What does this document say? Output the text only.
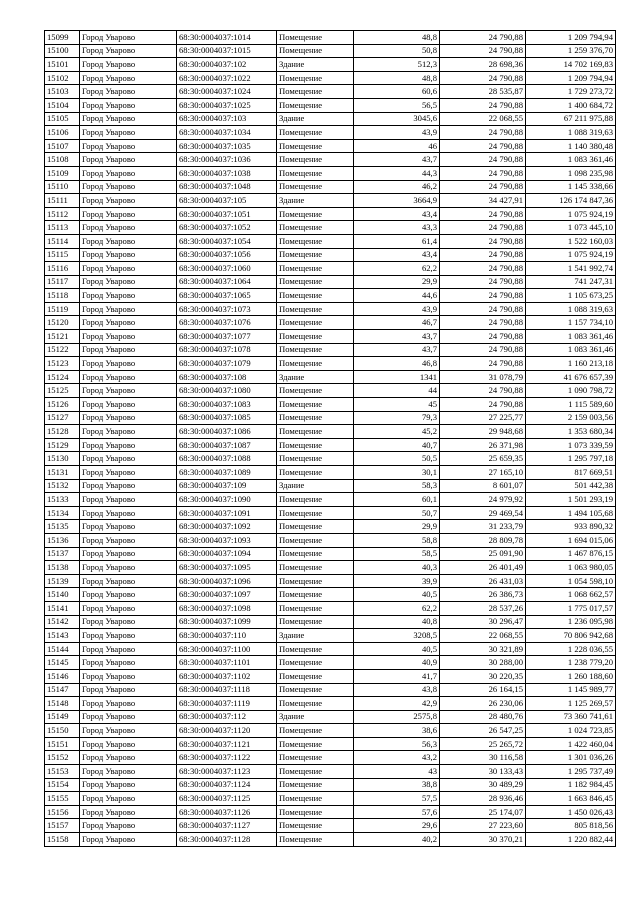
15099	Город Уварово	68:30:0004037:1014	Помещение	48,8	24 790,88	1 209 794,94
15100	Город Уварово	68:30:0004037:1015	Помещение	50,8	24 790,88	1 259 376,70
15101	Город Уварово	68:30:0004037:102	Здание	512,3	28 698,36	14 702 169,83
15102	Город Уварово	68:30:0004037:1022	Помещение	48,8	24 790,88	1 209 794,94
15103	Город Уварово	68:30:0004037:1024	Помещение	60,6	28 535,87	1 729 273,72
15104	Город Уварово	68:30:0004037:1025	Помещение	56,5	24 790,88	1 400 684,72
15105	Город Уварово	68:30:0004037:103	Здание	3045,6	22 068,55	67 211 975,88
15106	Город Уварово	68:30:0004037:1034	Помещение	43,9	24 790,88	1 088 319,63
15107	Город Уварово	68:30:0004037:1035	Помещение	46	24 790,88	1 140 380,48
15108	Город Уварово	68:30:0004037:1036	Помещение	43,7	24 790,88	1 083 361,46
15109	Город Уварово	68:30:0004037:1038	Помещение	44,3	24 790,88	1 098 235,98
15110	Город Уварово	68:30:0004037:1048	Помещение	46,2	24 790,88	1 145 338,66
15111	Город Уварово	68:30:0004037:105	Здание	3664,9	34 427,91	126 174 847,36
15112	Город Уварово	68:30:0004037:1051	Помещение	43,4	24 790,88	1 075 924,19
15113	Город Уварово	68:30:0004037:1052	Помещение	43,3	24 790,88	1 073 445,10
15114	Город Уварово	68:30:0004037:1054	Помещение	61,4	24 790,88	1 522 160,03
15115	Город Уварово	68:30:0004037:1056	Помещение	43,4	24 790,88	1 075 924,19
15116	Город Уварово	68:30:0004037:1060	Помещение	62,2	24 790,88	1 541 992,74
15117	Город Уварово	68:30:0004037:1064	Помещение	29,9	24 790,88	741 247,31
15118	Город Уварово	68:30:0004037:1065	Помещение	44,6	24 790,88	1 105 673,25
15119	Город Уварово	68:30:0004037:1073	Помещение	43,9	24 790,88	1 088 319,63
15120	Город Уварово	68:30:0004037:1076	Помещение	46,7	24 790,88	1 157 734,10
15121	Город Уварово	68:30:0004037:1077	Помещение	43,7	24 790,88	1 083 361,46
15122	Город Уварово	68:30:0004037:1078	Помещение	43,7	24 790,88	1 083 361,46
15123	Город Уварово	68:30:0004037:1079	Помещение	46,8	24 790,88	1 160 213,18
15124	Город Уварово	68:30:0004037:108	Здание	1341	31 078,79	41 676 657,39
15125	Город Уварово	68:30:0004037:1080	Помещение	44	24 790,88	1 090 798,72
15126	Город Уварово	68:30:0004037:1083	Помещение	45	24 790,88	1 115 589,60
15127	Город Уварово	68:30:0004037:1085	Помещение	79,3	27 225,77	2 159 003,56
15128	Город Уварово	68:30:0004037:1086	Помещение	45,2	29 948,68	1 353 680,34
15129	Город Уварово	68:30:0004037:1087	Помещение	40,7	26 371,98	1 073 339,59
15130	Город Уварово	68:30:0004037:1088	Помещение	50,5	25 659,35	1 295 797,18
15131	Город Уварово	68:30:0004037:1089	Помещение	30,1	27 165,10	817 669,51
15132	Город Уварово	68:30:0004037:109	Здание	58,3	8 601,07	501 442,38
15133	Город Уварово	68:30:0004037:1090	Помещение	60,1	24 979,92	1 501 293,19
15134	Город Уварово	68:30:0004037:1091	Помещение	50,7	29 469,54	1 494 105,68
15135	Город Уварово	68:30:0004037:1092	Помещение	29,9	31 233,79	933 890,32
15136	Город Уварово	68:30:0004037:1093	Помещение	58,8	28 809,78	1 694 015,06
15137	Город Уварово	68:30:0004037:1094	Помещение	58,5	25 091,90	1 467 876,15
15138	Город Уварово	68:30:0004037:1095	Помещение	40,3	26 401,49	1 063 980,05
15139	Город Уварово	68:30:0004037:1096	Помещение	39,9	26 431,03	1 054 598,10
15140	Город Уварово	68:30:0004037:1097	Помещение	40,5	26 386,73	1 068 662,57
15141	Город Уварово	68:30:0004037:1098	Помещение	62,2	28 537,26	1 775 017,57
15142	Город Уварово	68:30:0004037:1099	Помещение	40,8	30 296,47	1 236 095,98
15143	Город Уварово	68:30:0004037:110	Здание	3208,5	22 068,55	70 806 942,68
15144	Город Уварово	68:30:0004037:1100	Помещение	40,5	30 321,89	1 228 036,55
15145	Город Уварово	68:30:0004037:1101	Помещение	40,9	30 288,00	1 238 779,20
15146	Город Уварово	68:30:0004037:1102	Помещение	41,7	30 220,35	1 260 188,60
15147	Город Уварово	68:30:0004037:1118	Помещение	43,8	26 164,15	1 145 989,77
15148	Город Уварово	68:30:0004037:1119	Помещение	42,9	26 230,06	1 125 269,57
15149	Город Уварово	68:30:0004037:112	Здание	2575,8	28 480,76	73 360 741,61
15150	Город Уварово	68:30:0004037:1120	Помещение	38,6	26 547,25	1 024 723,85
15151	Город Уварово	68:30:0004037:1121	Помещение	56,3	25 265,72	1 422 460,04
15152	Город Уварово	68:30:0004037:1122	Помещение	43,2	30 116,58	1 301 036,26
15153	Город Уварово	68:30:0004037:1123	Помещение	43	30 133,43	1 295 737,49
15154	Город Уварово	68:30:0004037:1124	Помещение	38,8	30 489,29	1 182 984,45
15155	Город Уварово	68:30:0004037:1125	Помещение	57,5	28 936,46	1 663 846,45
15156	Город Уварово	68:30:0004037:1126	Помещение	57,6	25 174,07	1 450 026,43
15157	Город Уварово	68:30:0004037:1127	Помещение	29,6	27 223,60	805 818,56
15158	Город Уварово	68:30:0004037:1128	Помещение	40,2	30 370,21	1 220 882,44
